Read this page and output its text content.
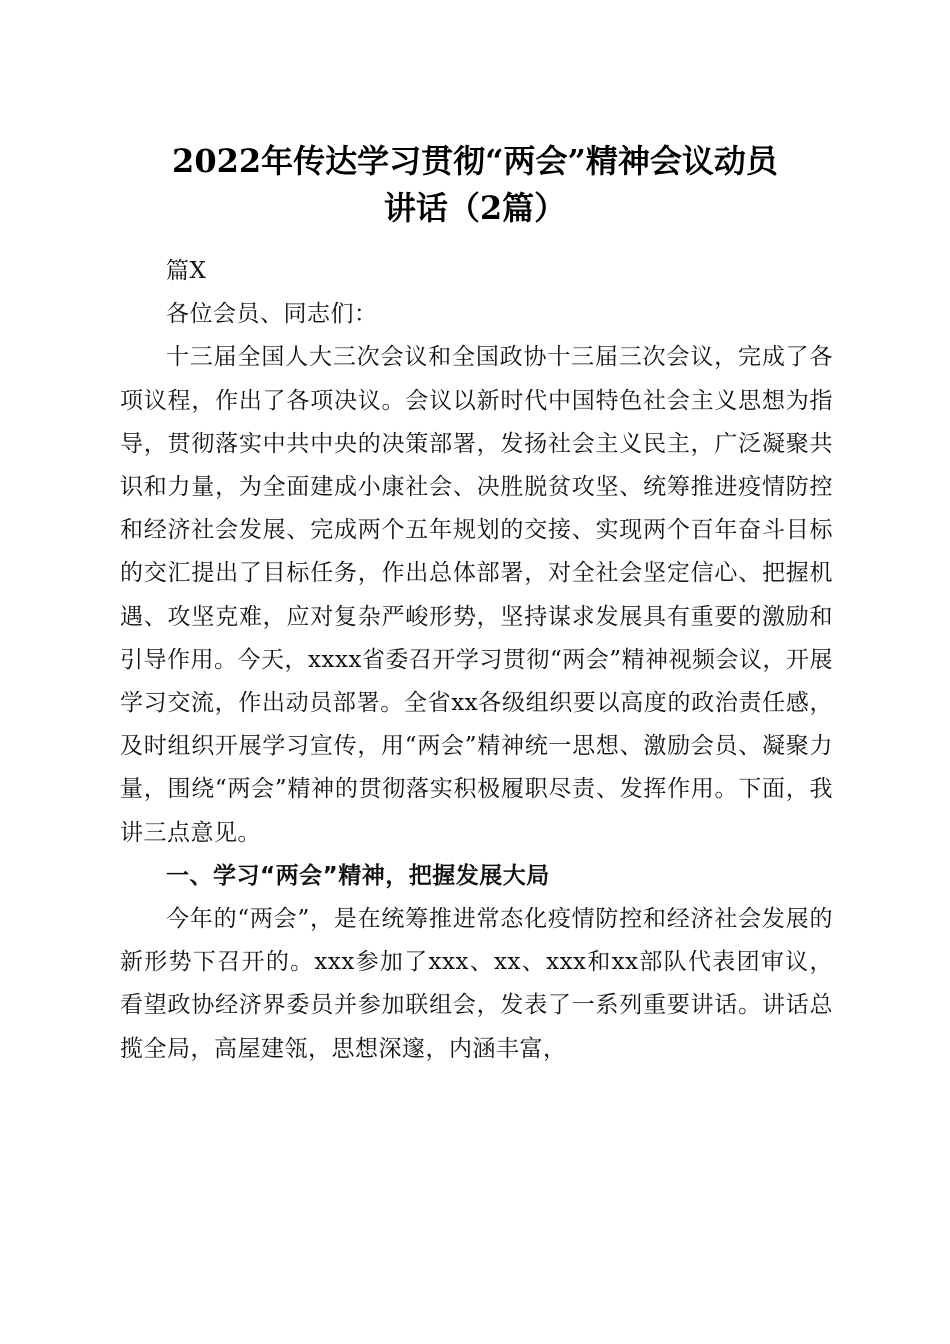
2022年传达学习贯彻“两会”精神会议动员
讲话（2篇）

篇X

各位会员、同志们：

十三届全国人大三次会议和全国政协十三届三次会议，完成了各项议程，作出了各项决议。会议以新时代中国特色社会主义思想为指导，贯彻落实中共中央的决策部署，发扬社会主义民主，广泛凝聚共识和力量，为全面建成小康社会、决胜脱贫攻坚、统筹推进疫情防控和经济社会发展、完成两个五年规划的交接、实现两个百年奋斗目标的交汇提出了目标任务，作出总体部署，对全社会坚定信心、把握机遇、攻坚克难，应对复杂严峻形势，坚持谋求发展具有重要的激励和引导作用。今天，xxxx省委召开学习贯彻“两会”精神视频会议，开展学习交流，作出动员部署。全省xx各级组织要以高度的政治责任感，及时组织开展学习宣传，用“两会”精神统一思想、激励会员、凝聚力量，围绕“两会”精神的贯彻落实积极履职尽责、发挥作用。下面，我讲三点意见。

一、学习“两会”精神，把握发展大局

今年的“两会”，是在统筹推进常态化疫情防控和经济社会发展的新形势下召开的。xxx参加了xxx、xx、xxx和xx部队代表团审议，看望政协经济界委员并参加联组会，发表了一系列重要讲话。讲话总揽全局，高屋建瓴，思想深邃，内涵丰富，
